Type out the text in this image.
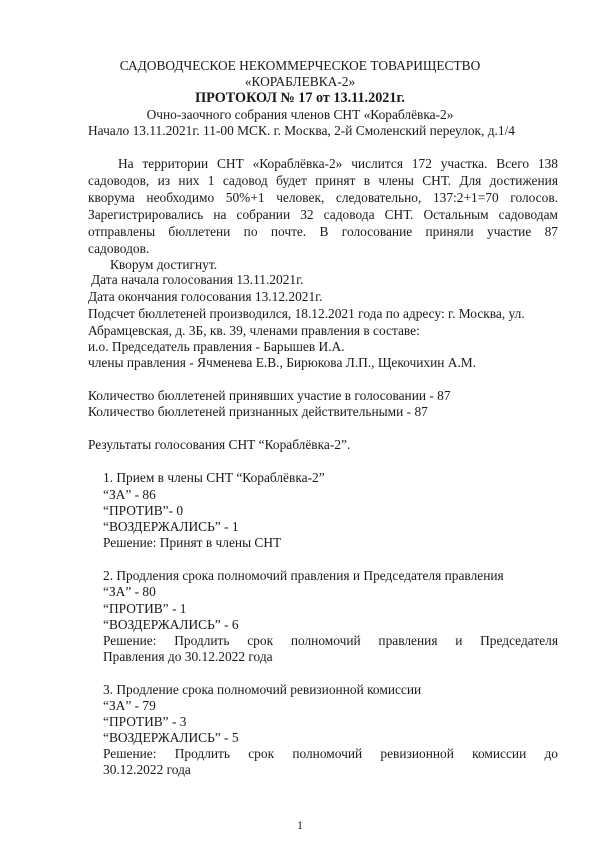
САДОВОДЧЕСКОЕ НЕКОММЕРЧЕСКОЕ ТОВАРИЩЕСТВО
«КОРАБЛЕВКА-2»
ПРОТОКОЛ № 17 от 13.11.2021г.
Очно-заочного собрания членов СНТ «Кораблёвка-2»
Начало 13.11.2021г. 11-00 МСК. г. Москва, 2-й Смоленский переулок, д.1/4
На территории СНТ «Кораблёвка-2» числится 172 участка. Всего 138
садоводов, из них 1 садовод будет принят в члены СНТ. Для достижения
кворума необходимо 50%+1 человек, следовательно, 137:2+1=70 голосов.
Зарегистрировались на собрании 32 садовода СНТ. Остальным садоводам
отправлены бюллетени по почте. В голосование приняли участие 87
садоводов.
Кворум достигнут.
Дата начала голосования 13.11.2021г.
Дата окончания голосования 13.12.2021г.
Подсчет бюллетеней производился, 18.12.2021 года по адресу: г. Москва, ул.
Абрамцевская, д. 3Б, кв. 39, членами правления в составе:
и.о. Председатель правления - Барышев И.А.
члены правления - Ячменева Е.В., Бирюкова Л.П., Щекочихин А.М.
Количество бюллетеней принявших участие в голосовании - 87
Количество бюллетеней признанных действительными - 87
Результаты голосования СНТ “Кораблёвка-2”.
1. Прием в члены СНТ “Кораблёвка-2”
“ЗА” - 86
“ПРОТИВ”- 0
“ВОЗДЕРЖАЛИСЬ” - 1
Решение: Принят в члены СНТ
2. Продления срока полномочий правления и Председателя правления
“ЗА” - 80
“ПРОТИВ” - 1
“ВОЗДЕРЖАЛИСЬ” - 6
Решение: Продлить срок полномочий правления и Председателя
Правления до 30.12.2022 года
3. Продление срока полномочий ревизионной комиссии
“ЗА” - 79
“ПРОТИВ” - 3
“ВОЗДЕРЖАЛИСЬ” - 5
Решение: Продлить срок полномочий ревизионной комиссии до
30.12.2022 года
1
